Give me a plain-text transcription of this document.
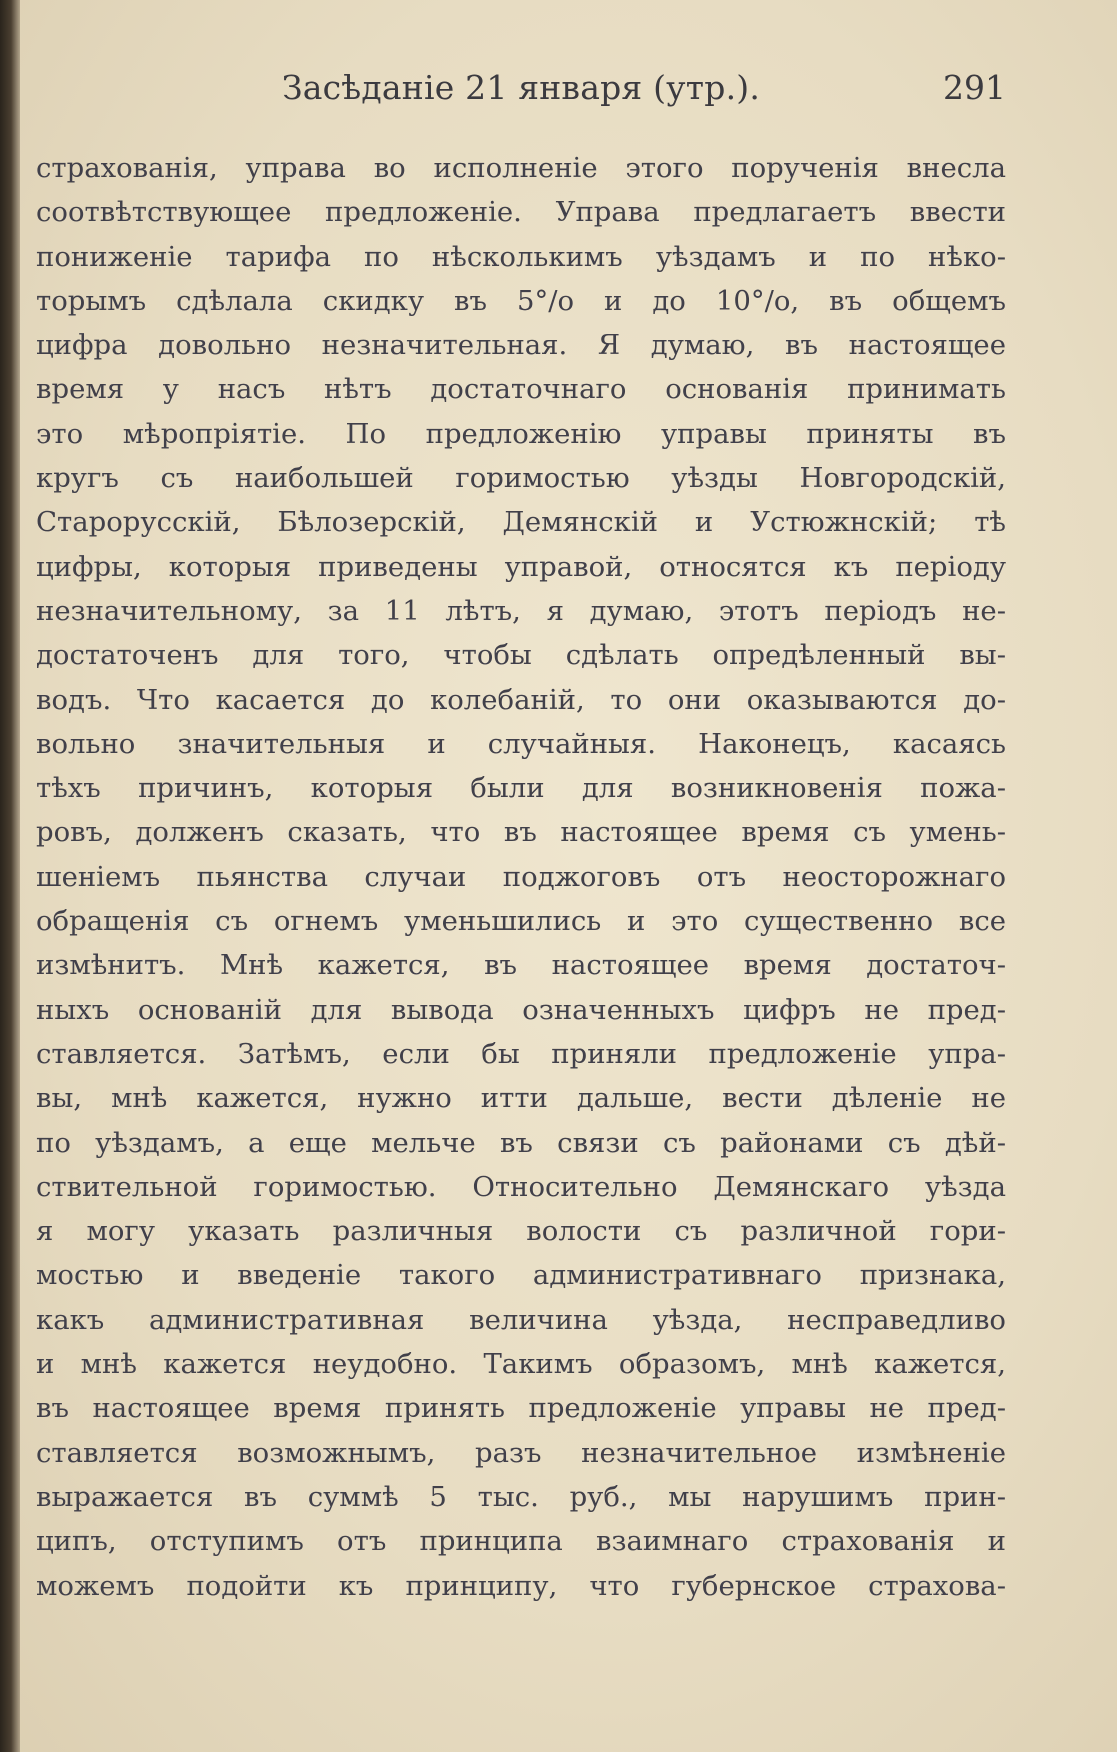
Засѣданіе 21 января (утр.).	291
страхованія, управа во исполненіе этого порученія внесла
соотвѣтствующее предложеніе. Управа предлагаетъ ввести
пониженіе тарифа по нѣсколькимъ уѣздамъ и по нѣко-
торымъ сдѣлала скидку въ 5°/о и до 10°/о, въ общемъ
цифра довольно незначительная. Я думаю, въ настоящее
время у насъ нѣтъ достаточнаго основанія принимать
это мѣропріятіе. По предложенію управы приняты въ
кругъ съ наибольшей горимостью уѣзды Новгородскій,
Старорусскій, Бѣлозерскій, Демянскій и Устюжнскій; тѣ
цифры, которыя приведены управой, относятся къ періоду
незначительному, за 11 лѣтъ, я думаю, этотъ періодъ не-
достаточенъ для того, чтобы сдѣлать опредѣленный вы-
водъ. Что касается до колебаній, то они оказываются до-
вольно значительныя и случайныя. Наконецъ, касаясь
тѣхъ причинъ, которыя были для возникновенія пожа-
ровъ, долженъ сказать, что въ настоящее время съ умень-
шеніемъ пьянства случаи поджоговъ отъ неосторожнаго
обращенія съ огнемъ уменьшились и это существенно все
измѣнитъ. Мнѣ кажется, въ настоящее время достаточ-
ныхъ основаній для вывода означенныхъ цифръ не пред-
ставляется. Затѣмъ, если бы приняли предложеніе упра-
вы, мнѣ кажется, нужно итти дальше, вести дѣленіе не
по уѣздамъ, а еще мельче въ связи съ районами съ дѣй-
ствительной горимостью. Относительно Демянскаго уѣзда
я могу указать различныя волости съ различной гори-
мостью и введеніе такого административнаго признака,
какъ административная величина уѣзда, несправедливо
и мнѣ кажется неудобно. Такимъ образомъ, мнѣ кажется,
въ настоящее время принять предложеніе управы не пред-
ставляется возможнымъ, разъ незначительное измѣненіе
выражается въ суммѣ 5 тыс. руб., мы нарушимъ прин-
ципъ, отступимъ отъ принципа взаимнаго страхованія и
можемъ подойти къ принципу, что губернское страхова-
